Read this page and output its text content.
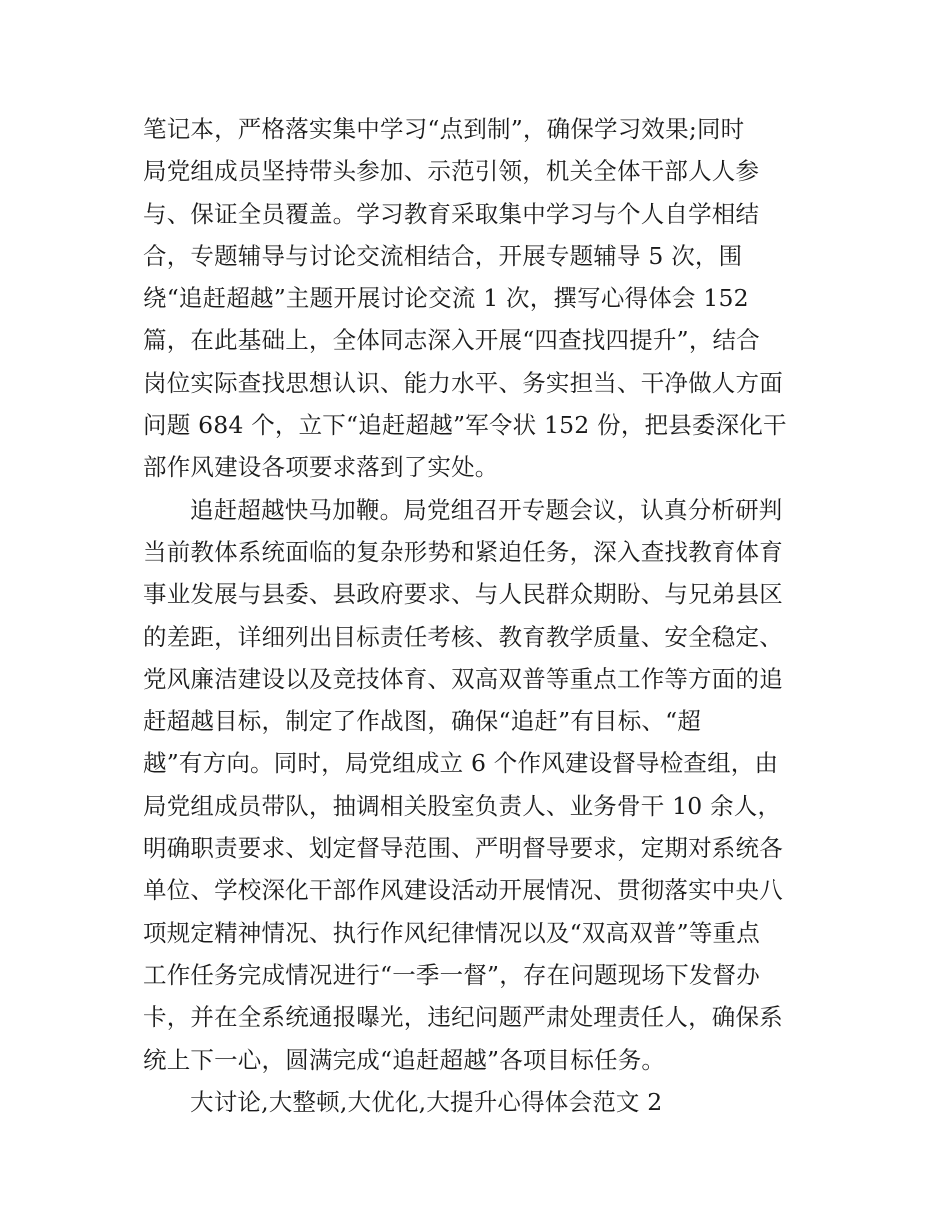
笔记本，严格落实集中学习“点到制”，确保学习效果;同时
局党组成员坚持带头参加、示范引领，机关全体干部人人参
与、保证全员覆盖。学习教育采取集中学习与个人自学相结
合，专题辅导与讨论交流相结合，开展专题辅导 5 次，围
绕“追赶超越”主题开展讨论交流 1 次，撰写心得体会 152
篇，在此基础上，全体同志深入开展“四查找四提升”，结合
岗位实际查找思想认识、能力水平、务实担当、干净做人方面
问题 684 个，立下“追赶超越”军令状 152 份，把县委深化干
部作风建设各项要求落到了实处。
追赶超越快马加鞭。局党组召开专题会议，认真分析研判
当前教体系统面临的复杂形势和紧迫任务，深入查找教育体育
事业发展与县委、县政府要求、与人民群众期盼、与兄弟县区
的差距，详细列出目标责任考核、教育教学质量、安全稳定、
党风廉洁建设以及竞技体育、双高双普等重点工作等方面的追
赶超越目标，制定了作战图，确保“追赶”有目标、“超
越”有方向。同时，局党组成立 6 个作风建设督导检查组，由
局党组成员带队，抽调相关股室负责人、业务骨干 10 余人，
明确职责要求、划定督导范围、严明督导要求，定期对系统各
单位、学校深化干部作风建设活动开展情况、贯彻落实中央八
项规定精神情况、执行作风纪律情况以及“双高双普”等重点
工作任务完成情况进行“一季一督”，存在问题现场下发督办
卡，并在全系统通报曝光，违纪问题严肃处理责任人，确保系
统上下一心，圆满完成“追赶超越”各项目标任务。
大讨论,大整顿,大优化,大提升心得体会范文 2
